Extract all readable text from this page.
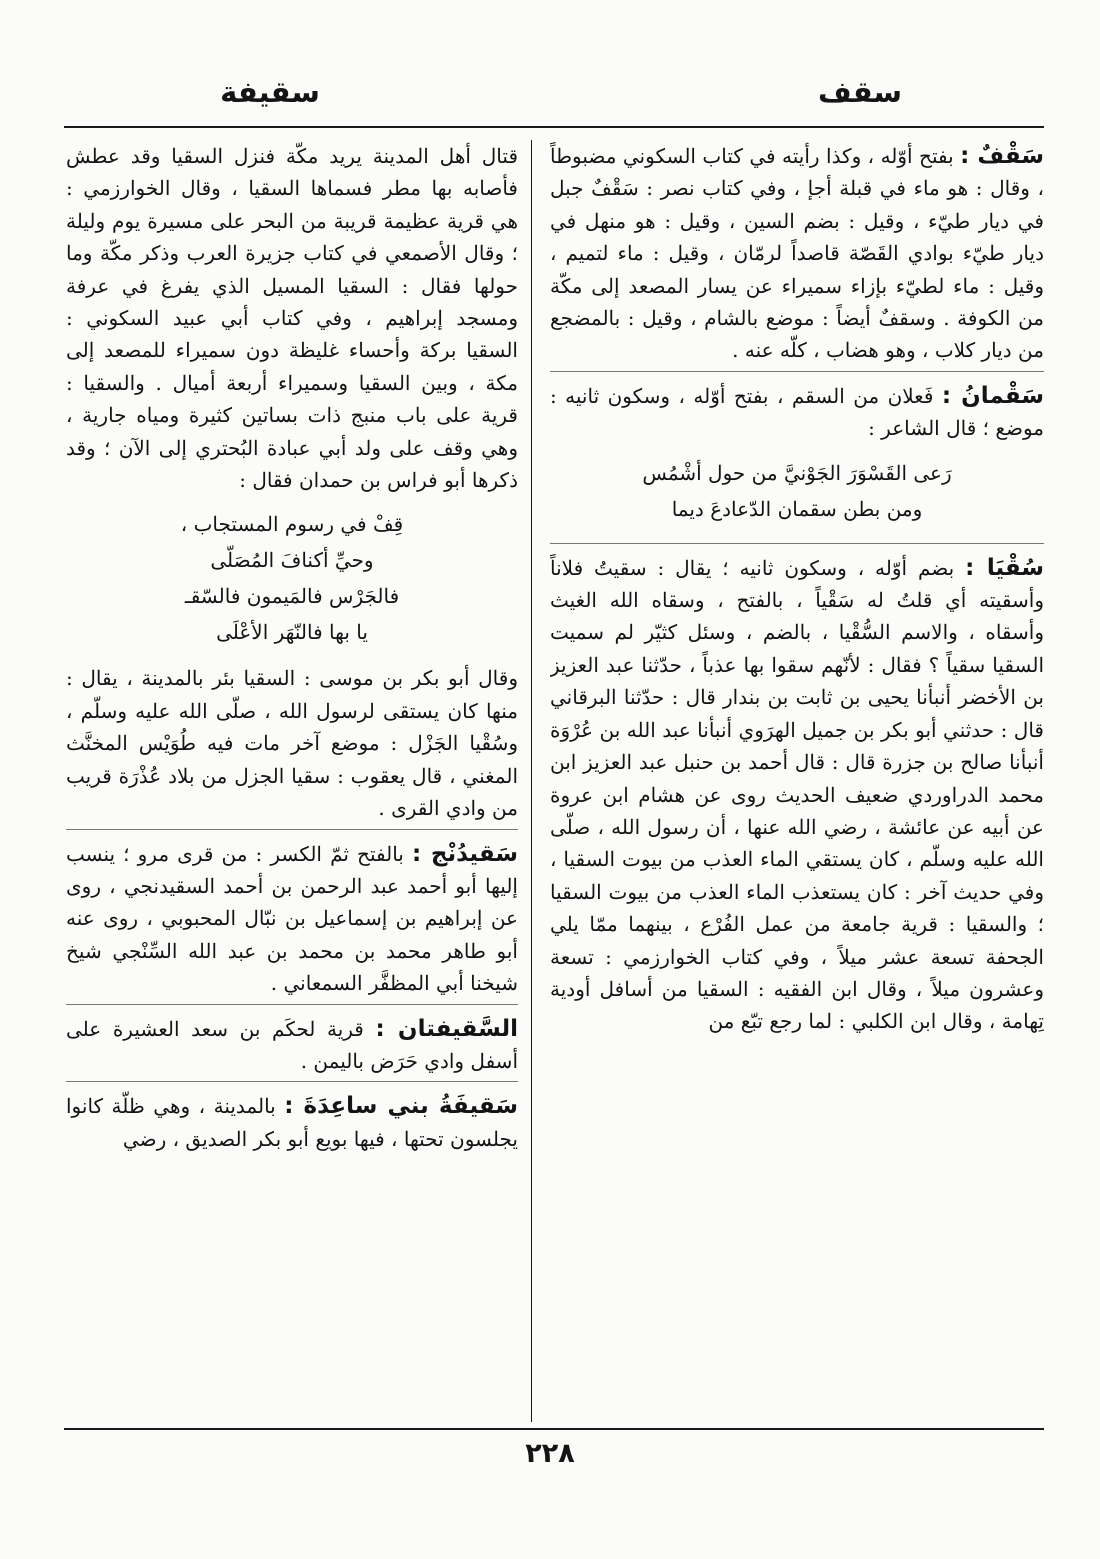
سقف
سقيفة
سَقْفٌ : بفتح أوّله ، وكذا رأيته في كتاب السكوني مضبوطاً ، وقال : هو ماء في قبلة أجإ ، وفي كتاب نصر : سَقْفٌ جبل في ديار طيّء ، وقيل : بضم السين ، وقيل : هو منهل في ديار طيّء بوادي القَصّة قاصداً لرمّان ، وقيل : ماء لتميم ، وقيل : ماء لطيّء بإزاء سميراء عن يسار المصعد إلى مكّة من الكوفة . وسقفٌ أيضاً : موضع بالشام ، وقيل : بالمضجع من ديار كلاب ، وهو هضاب ، كلّه عنه .
سَقْمانُ : فَعلان من السقم ، بفتح أوّله ، وسكون ثانيه : موضع ؛ قال الشاعر :
رَعى القَسْوَرَ الجَوْنيَّ من حول أشْمُس
ومن بطن سقمان الدّعادعَ ديما
سُقْيَا : بضم أوّله ، وسكون ثانيه ؛ يقال : سقيتُ فلاناً وأسقيته أي قلتُ له سَقْياً ، بالفتح ، وسقاه الله الغيث وأسقاه ، والاسم السُّقْيا ، بالضم ، وسئل كثيّر لم سميت السقيا سقياً ؟ فقال : لأنّهم سقوا بها عذباً ، حدّثنا عبد العزيز بن الأخضر أنبأنا يحيى بن ثابت بن بندار قال : حدّثنا البرقاني قال : حدثني أبو بكر بن جميل الهرَوي أنبأنا عبد الله بن عُرْوَة أنبأنا صالح بن جزرة قال : قال أحمد بن حنبل عبد العزيز ابن محمد الدراوردي ضعيف الحديث روى عن هشام ابن عروة عن أبيه عن عائشة ، رضي الله عنها ، أن رسول الله ، صلّى الله عليه وسلّم ، كان يستقي الماء العذب من بيوت السقيا ، وفي حديث آخر : كان يستعذب الماء العذب من بيوت السقيا ؛ والسقيا : قرية جامعة من عمل الفُرْع ، بينهما ممّا يلي الجحفة تسعة عشر ميلاً ، وفي كتاب الخوارزمي : تسعة وعشرون ميلاً ، وقال ابن الفقيه : السقيا من أسافل أودية تِهامة ، وقال ابن الكلبي : لما رجع تبّع من
قتال أهل المدينة يريد مكّة فنزل السقيا وقد عطش فأصابه بها مطر فسماها السقيا ، وقال الخوارزمي : هي قرية عظيمة قريبة من البحر على مسيرة يوم وليلة ؛ وقال الأصمعي في كتاب جزيرة العرب وذكر مكّة وما حولها فقال : السقيا المسيل الذي يفرغ في عرفة ومسجد إبراهيم ، وفي كتاب أبي عبيد السكوني : السقيا بركة وأحساء غليظة دون سميراء للمصعد إلى مكة ، وبين السقيا وسميراء أربعة أميال . والسقيا : قرية على باب منبج ذات بساتين كثيرة ومياه جارية ، وهي وقف على ولد أبي عبادة البُحتري إلى الآن ؛ وقد ذكرها أبو فراس بن حمدان فقال :
قِفْ في رسوم المستجاب ،
وحيِّ أكنافَ المُصَلّى
فالجَرْس فالمَيمون فالسّقـ
يا بها فالنّهَر الأعْلَى
وقال أبو بكر بن موسى : السقيا بئر بالمدينة ، يقال : منها كان يستقى لرسول الله ، صلّى الله عليه وسلّم ، وسُقْيا الجَزْل : موضع آخر مات فيه طُوَيْس المخنَّث المغني ، قال يعقوب : سقيا الجزل من بلاد عُذْرَة قريب من وادي القرى .
سَقيدُنْج : بالفتح ثمّ الكسر : من قرى مرو ؛ ينسب إليها أبو أحمد عبد الرحمن بن أحمد السقيدنجي ، روى عن إبراهيم بن إسماعيل بن نبّال المحبوبي ، روى عنه أبو طاهر محمد بن محمد بن عبد الله السِّنْجي شيخ شيخنا أبي المظفَّر السمعاني .
السَّقيفتان : قرية لحكَم بن سعد العشيرة على أسفل وادي حَرَض باليمن .
سَقيفَةُ بني ساعِدَةَ : بالمدينة ، وهي ظلّة كانوا يجلسون تحتها ، فيها بويع أبو بكر الصديق ، رضي
٢٢٨
